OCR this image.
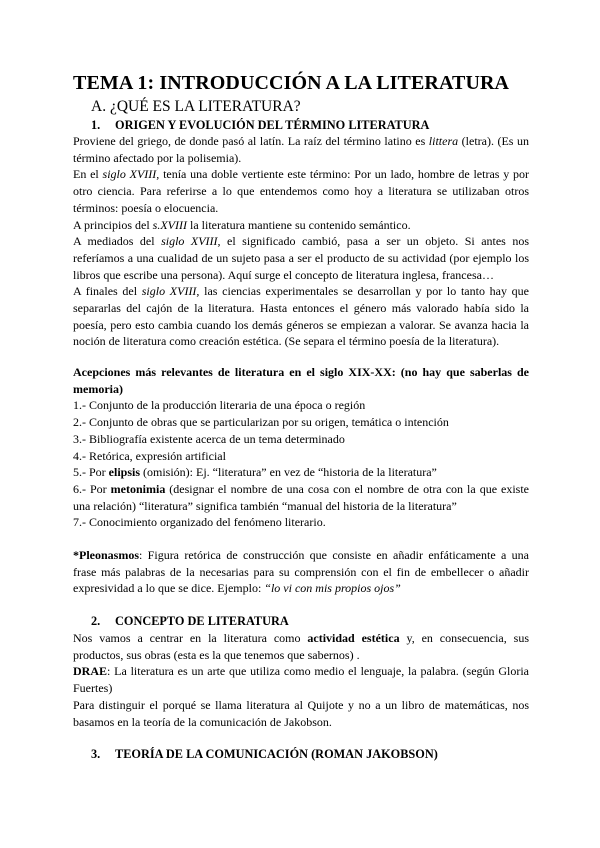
TEMA 1: INTRODUCCIÓN A LA LITERATURA
A. ¿QUÉ ES LA LITERATURA?
1. ORIGEN Y EVOLUCIÓN DEL TÉRMINO LITERATURA

Proviene del griego, de donde pasó al latín. La raíz del término latino es littera (letra). (Es un término afectado por la polisemia).

En el siglo XVIII, tenía una doble vertiente este término: Por un lado, hombre de letras y por otro ciencia. Para referirse a lo que entendemos como hoy a literatura se utilizaban otros términos: poesía o elocuencia.

A principios del s.XVIII la literatura mantiene su contenido semántico.

A mediados del siglo XVIII, el significado cambió, pasa a ser un objeto. Si antes nos referíamos a una cualidad de un sujeto pasa a ser el producto de su actividad (por ejemplo los libros que escribe una persona). Aquí surge el concepto de literatura inglesa, francesa…

A finales del siglo XVIII, las ciencias experimentales se desarrollan y por lo tanto hay que separarlas del cajón de la literatura. Hasta entonces el género más valorado había sido la poesía, pero esto cambia cuando los demás géneros se empiezan a valorar. Se avanza hacia la noción de literatura como creación estética. (Se separa el término poesía de la literatura).

Acepciones más relevantes de literatura en el siglo XIX-XX: (no hay que saberlas de memoria)

1.- Conjunto de la producción literaria de una época o región

2.- Conjunto de obras que se particularizan por su origen, temática o intención

3.- Bibliografía existente acerca de un tema determinado

4.- Retórica, expresión artificial

5.- Por elipsis (omisión): Ej. “literatura” en vez de “historia de la literatura”

6.- Por metonimia (designar el nombre de una cosa con el nombre de otra con la que existe una relación) “literatura” significa también “manual del historia de la literatura”

7.- Conocimiento organizado del fenómeno literario.

*Pleonasmos: Figura retórica de construcción que consiste en añadir enfáticamente a una frase más palabras de la necesarias para su comprensión con el fin de embellecer o añadir expresividad a lo que se dice. Ejemplo: “lo vi con mis propios ojos”

2. CONCEPTO DE LITERATURA

Nos vamos a centrar en la literatura como actividad estética y, en consecuencia, sus productos, sus obras (esta es la que tenemos que sabernos) .

DRAE: La literatura es un arte que utiliza como medio el lenguaje, la palabra. (según Gloria Fuertes)

Para distinguir el porqué se llama literatura al Quijote y no a un libro de matemáticas, nos basamos en la teoría de la comunicación de Jakobson.

3. TEORÍA DE LA COMUNICACIÓN (ROMAN JAKOBSON)
